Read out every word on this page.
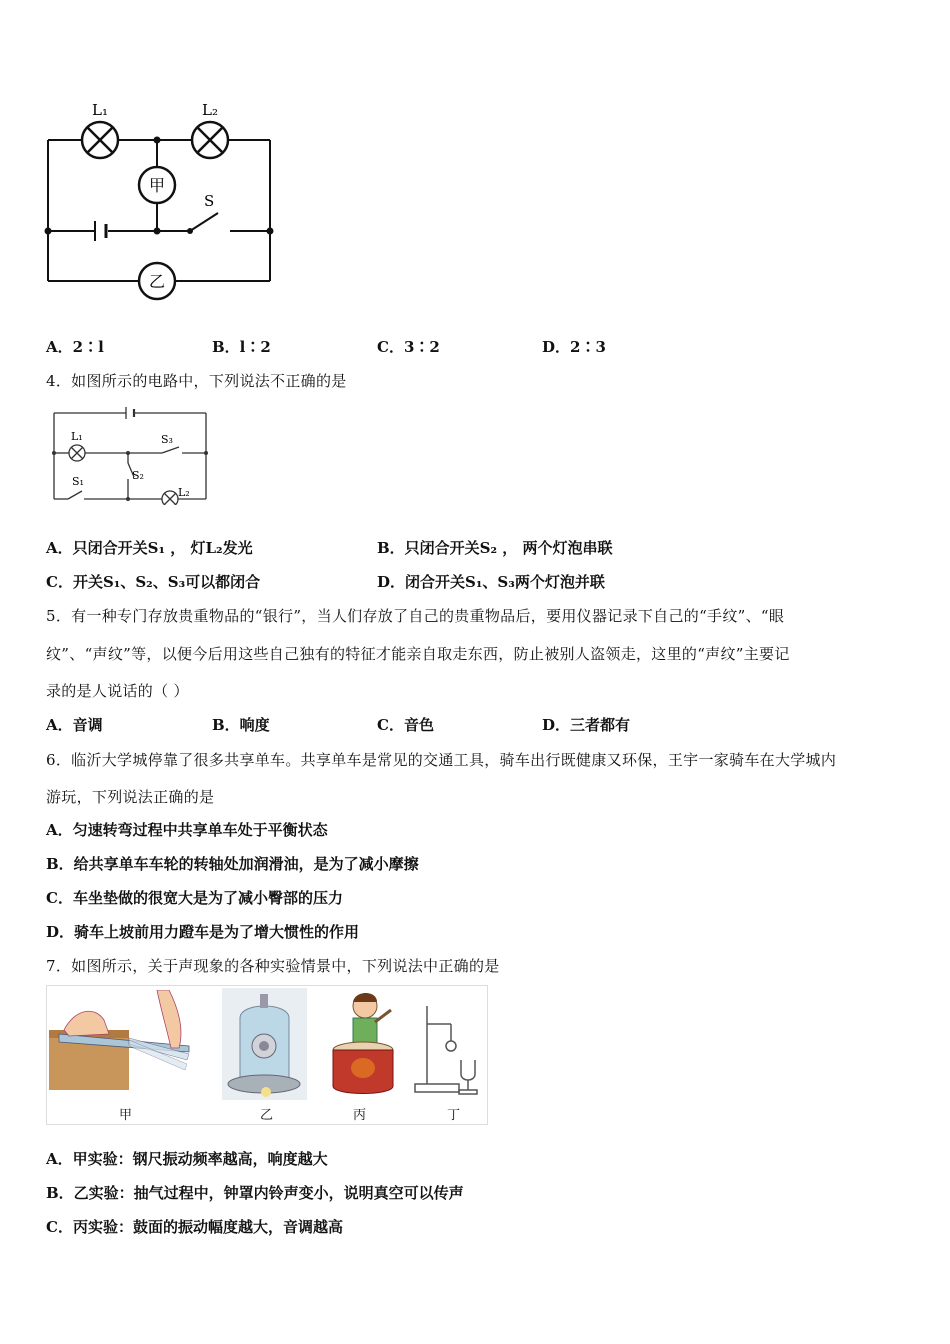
L₁	L₂
甲
乙
S
A．2∶l	B．l∶2	C．3∶2	D．2∶3
4．如图所示的电路中，下列说法不正确的是
L₁	S₃
S₂
S₁
L₂
A．只闭合开关S₁ ， 灯L₂发光	B．只闭合开关S₂ ， 两个灯泡串联
C．开关S₁、S₂、S₃可以都闭合	D．闭合开关S₁、S₃两个灯泡并联
5．有一种专门存放贵重物品的“银行”，当人们存放了自己的贵重物品后，要用仪器记录下自己的“手纹”、“眼
纹”、“声纹”等，以便今后用这些自己独有的特征才能亲自取走东西，防止被别人盗领走，这里的“声纹”主要记
录的是人说话的（ ）
A．音调	B．响度	C．音色	D．三者都有
6．临沂大学城停靠了很多共享单车。共享单车是常见的交通工具，骑车出行既健康又环保，王宇一家骑车在大学城内
游玩，下列说法正确的是
A．匀速转弯过程中共享单车处于平衡状态
B．给共享单车车轮的转轴处加润滑油，是为了减小摩擦
C．车坐垫做的很宽大是为了减小臀部的压力
D．骑车上坡前用力蹬车是为了增大惯性的作用
7．如图所示，关于声现象的各种实验情景中，下列说法中正确的是
甲	乙	丙	丁
A．甲实验：钢尺振动频率越高，响度越大
B．乙实验：抽气过程中，钟罩内铃声变小，说明真空可以传声
C．丙实验：鼓面的振动幅度越大，音调越高
